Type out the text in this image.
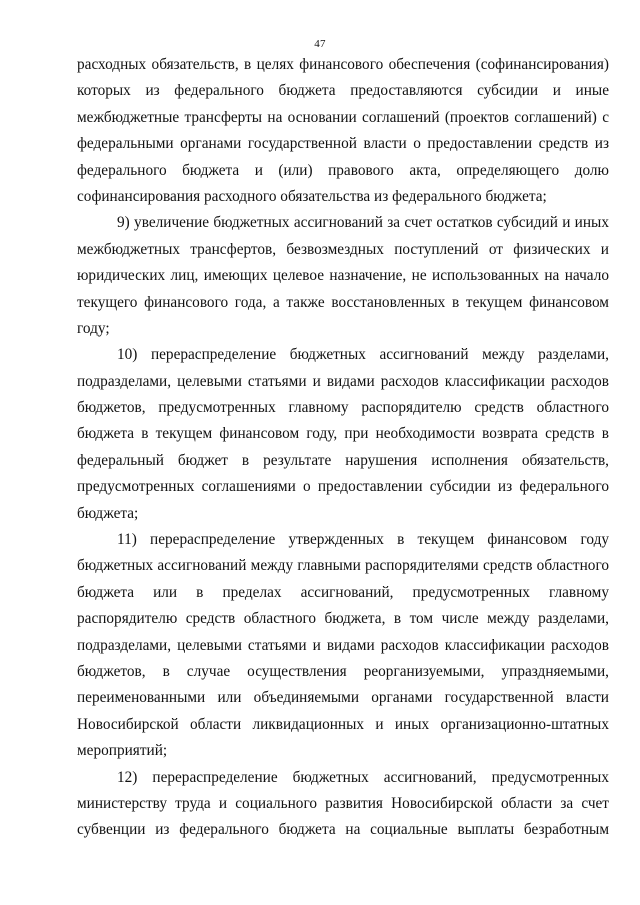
47
расходных обязательств, в целях финансового обеспечения (софинансирования)
которых из федерального бюджета предоставляются субсидии и иные
межбюджетные трансферты на основании соглашений (проектов соглашений) с
федеральными органами государственной власти о предоставлении средств из
федерального бюджета и (или) правового акта, определяющего долю
софинансирования расходного обязательства из федерального бюджета;
9) увеличение бюджетных ассигнований за счет остатков субсидий и иных
межбюджетных трансфертов, безвозмездных поступлений от физических и
юридических лиц, имеющих целевое назначение, не использованных на начало
текущего финансового года, а также восстановленных в текущем финансовом
году;
10) перераспределение бюджетных ассигнований между разделами,
подразделами, целевыми статьями и видами расходов классификации расходов
бюджетов, предусмотренных главному распорядителю средств областного
бюджета в текущем финансовом году, при необходимости возврата средств в
федеральный бюджет в результате нарушения исполнения обязательств,
предусмотренных соглашениями о предоставлении субсидии из федерального
бюджета;
11) перераспределение утвержденных в текущем финансовом году
бюджетных ассигнований между главными распорядителями средств областного
бюджета или в пределах ассигнований, предусмотренных главному
распорядителю средств областного бюджета, в том числе между разделами,
подразделами, целевыми статьями и видами расходов классификации расходов
бюджетов, в случае осуществления реорганизуемыми, упраздняемыми,
переименованными или объединяемыми органами государственной власти
Новосибирской области ликвидационных и иных организационно-штатных
мероприятий;
12) перераспределение бюджетных ассигнований, предусмотренных
министерству труда и социального развития Новосибирской области за счет
субвенции из федерального бюджета на социальные выплаты безработным
